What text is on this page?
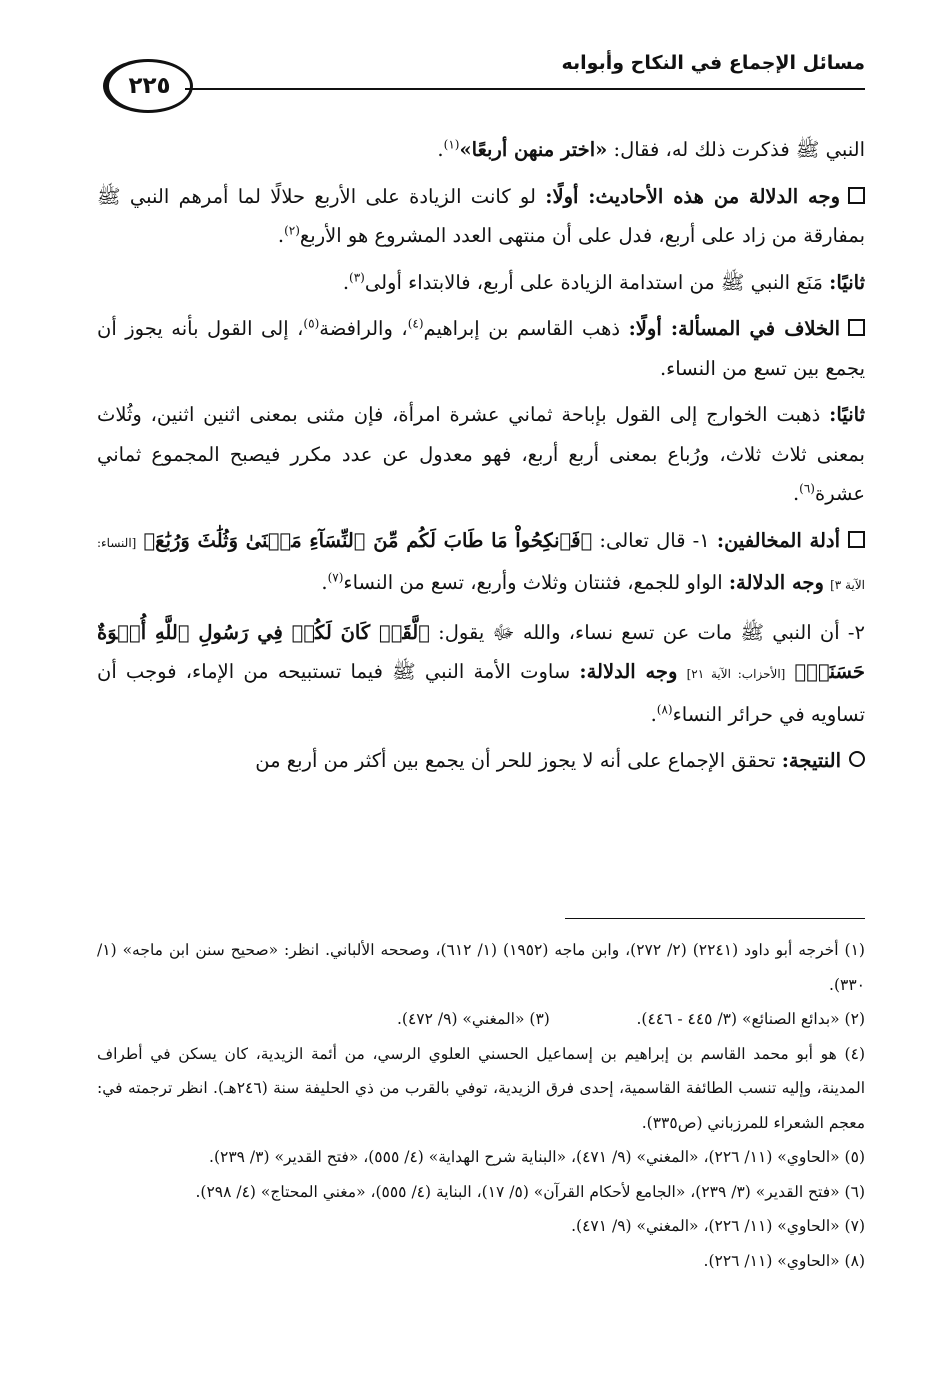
مسائل الإجماع في النكاح وأبوابه
٢٢٥

النبي ﷺ فذكرت ذلك له، فقال: «اختر منهن أربعًا»$^{(١)}$.

وجه الدلالة من هذه الأحاديث: أولًا: لو كانت الزيادة على الأربع حلالًا لما أمرهم النبي ﷺ بمفارقة من زاد على أربع، فدل على أن منتهى العدد المشروع هو الأربع$^{(٢)}$.

ثانيًا: مَنَع النبي ﷺ من استدامة الزيادة على أربع، فالابتداء أولى$^{(٣)}$.

الخلاف في المسألة: أولًا: ذهب القاسم بن إبراهيم$^{(٤)}$، والرافضة$^{(٥)}$، إلى القول بأنه يجوز أن يجمع بين تسع من النساء.

ثانيًا: ذهبت الخوارج إلى القول بإباحة ثماني عشرة امرأة، فإن مثنى بمعنى اثنين اثنين، وثُلاث بمعنى ثلاث ثلاث، ورُباع بمعنى أربع أربع، فهو معدول عن عدد مكرر فيصبح المجموع ثماني عشرة$^{(٦)}$.

أدلة المخالفين: ١- قال تعالى: ﴿فَٱنكِحُواْ مَا طَابَ لَكُم مِّنَ ٱلنِّسَآءِ مَثۡنَىٰ وَثُلَٰثَ وَرُبَٰعَ﴾ [النساء: الآية ٣] وجه الدلالة: الواو للجمع، فثنتان وثلاث وأربع، تسع من النساء$^{(٧)}$.

٢- أن النبي ﷺ مات عن تسع نساء، والله ﷻ يقول: ﴿لَّقَدۡ كَانَ لَكُمۡ فِي رَسُولِ ٱللَّهِ أُسۡوَةٌ حَسَنَةٞ﴾ [الأحزاب: الآية ٢١] وجه الدلالة: ساوت الأمة النبي ﷺ فيما تستبيحه من الإماء، فوجب أن تساويه في حرائر النساء$^{(٨)}$.

النتيجة: تحقق الإجماع على أنه لا يجوز للحر أن يجمع بين أكثر من أربع من

(١) أخرجه أبو داود (٢٢٤١) (٢/ ٢٧٢)، وابن ماجه (١٩٥٢) (١/ ٦١٢)، وصححه الألباني. انظر: «صحيح سنن ابن ماجه» (١/ ٣٣٠).

(٢) «بدائع الصنائع» (٣/ ٤٤٥ - ٤٤٦).
(٣) «المغني» (٩/ ٤٧٢).

(٤) هو أبو محمد القاسم بن إبراهيم بن إسماعيل الحسني العلوي الرسي، من أئمة الزيدية، كان يسكن في أطراف المدينة، وإليه تنسب الطائفة القاسمية، إحدى فرق الزيدية، توفي بالقرب من ذي الحليفة سنة (٢٤٦هـ). انظر ترجمته في: معجم الشعراء للمرزباني (ص٣٣٥).

(٥) «الحاوي» (١١/ ٢٢٦)، «المغني» (٩/ ٤٧١)، «البناية شرح الهداية» (٤/ ٥٥٥)، «فتح القدير» (٣/ ٢٣٩).

(٦) «فتح القدير» (٣/ ٢٣٩)، «الجامع لأحكام القرآن» (٥/ ١٧)، البناية (٤/ ٥٥٥)، «مغني المحتاج» (٤/ ٢٩٨).

(٧) «الحاوي» (١١/ ٢٢٦)، «المغني» (٩/ ٤٧١).

(٨) «الحاوي» (١١/ ٢٢٦).
